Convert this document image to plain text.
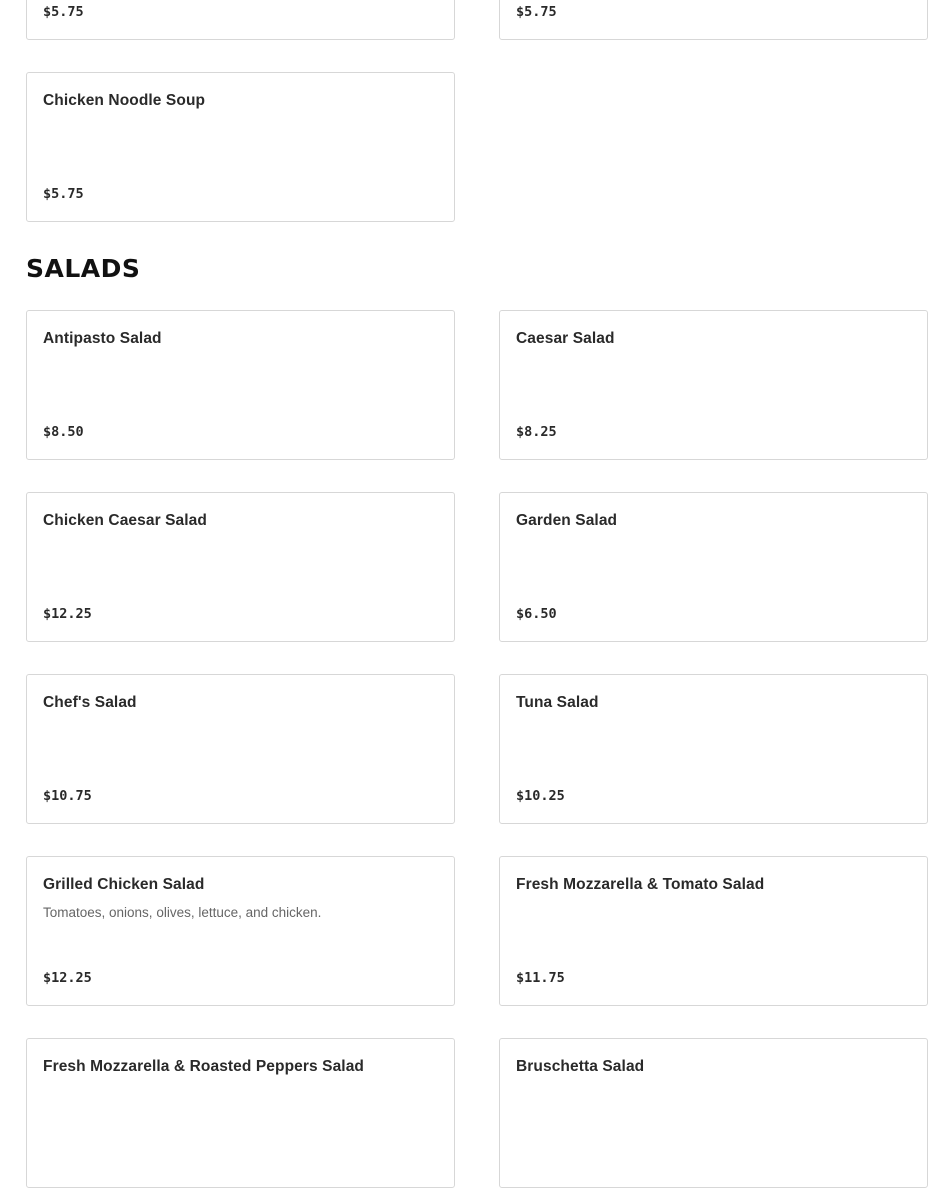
$5.75	$5.75
Chicken Noodle Soup
$5.75
SALADS
Antipasto Salad
$8.50
Caesar Salad
$8.25
Chicken Caesar Salad
$12.25
Garden Salad
$6.50
Chef's Salad
$10.75
Tuna Salad
$10.25
Grilled Chicken Salad
Tomatoes, onions, olives, lettuce, and chicken.
$12.25
Fresh Mozzarella & Tomato Salad
$11.75
Fresh Mozzarella & Roasted Peppers Salad	Bruschetta Salad
